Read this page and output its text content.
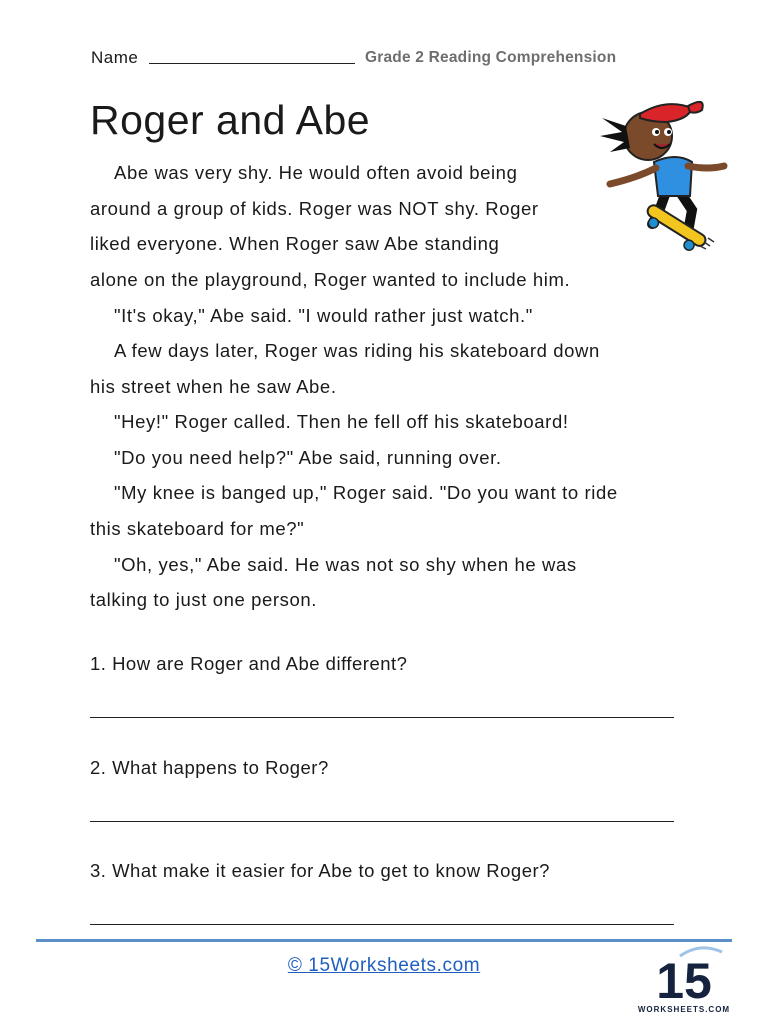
Name	Grade 2 Reading Comprehension
Roger and Abe
Abe was very shy. He would often avoid being
around a group of kids. Roger was NOT shy. Roger
liked everyone. When Roger saw Abe standing
alone on the playground, Roger wanted to include him.
"It's okay," Abe said. "I would rather just watch."
A few days later, Roger was riding his skateboard down
his street when he saw Abe.
"Hey!" Roger called. Then he fell off his skateboard!
"Do you need help?" Abe said, running over.
"My knee is banged up," Roger said. "Do you want to ride
this skateboard for me?"
"Oh, yes," Abe said. He was not so shy when he was
talking to just one person.
1. How are Roger and Abe different?
2. What happens to Roger?
3. What make it easier for Abe to get to know Roger?
© 15Worksheets.com	15
WORKSHEETS.COM
